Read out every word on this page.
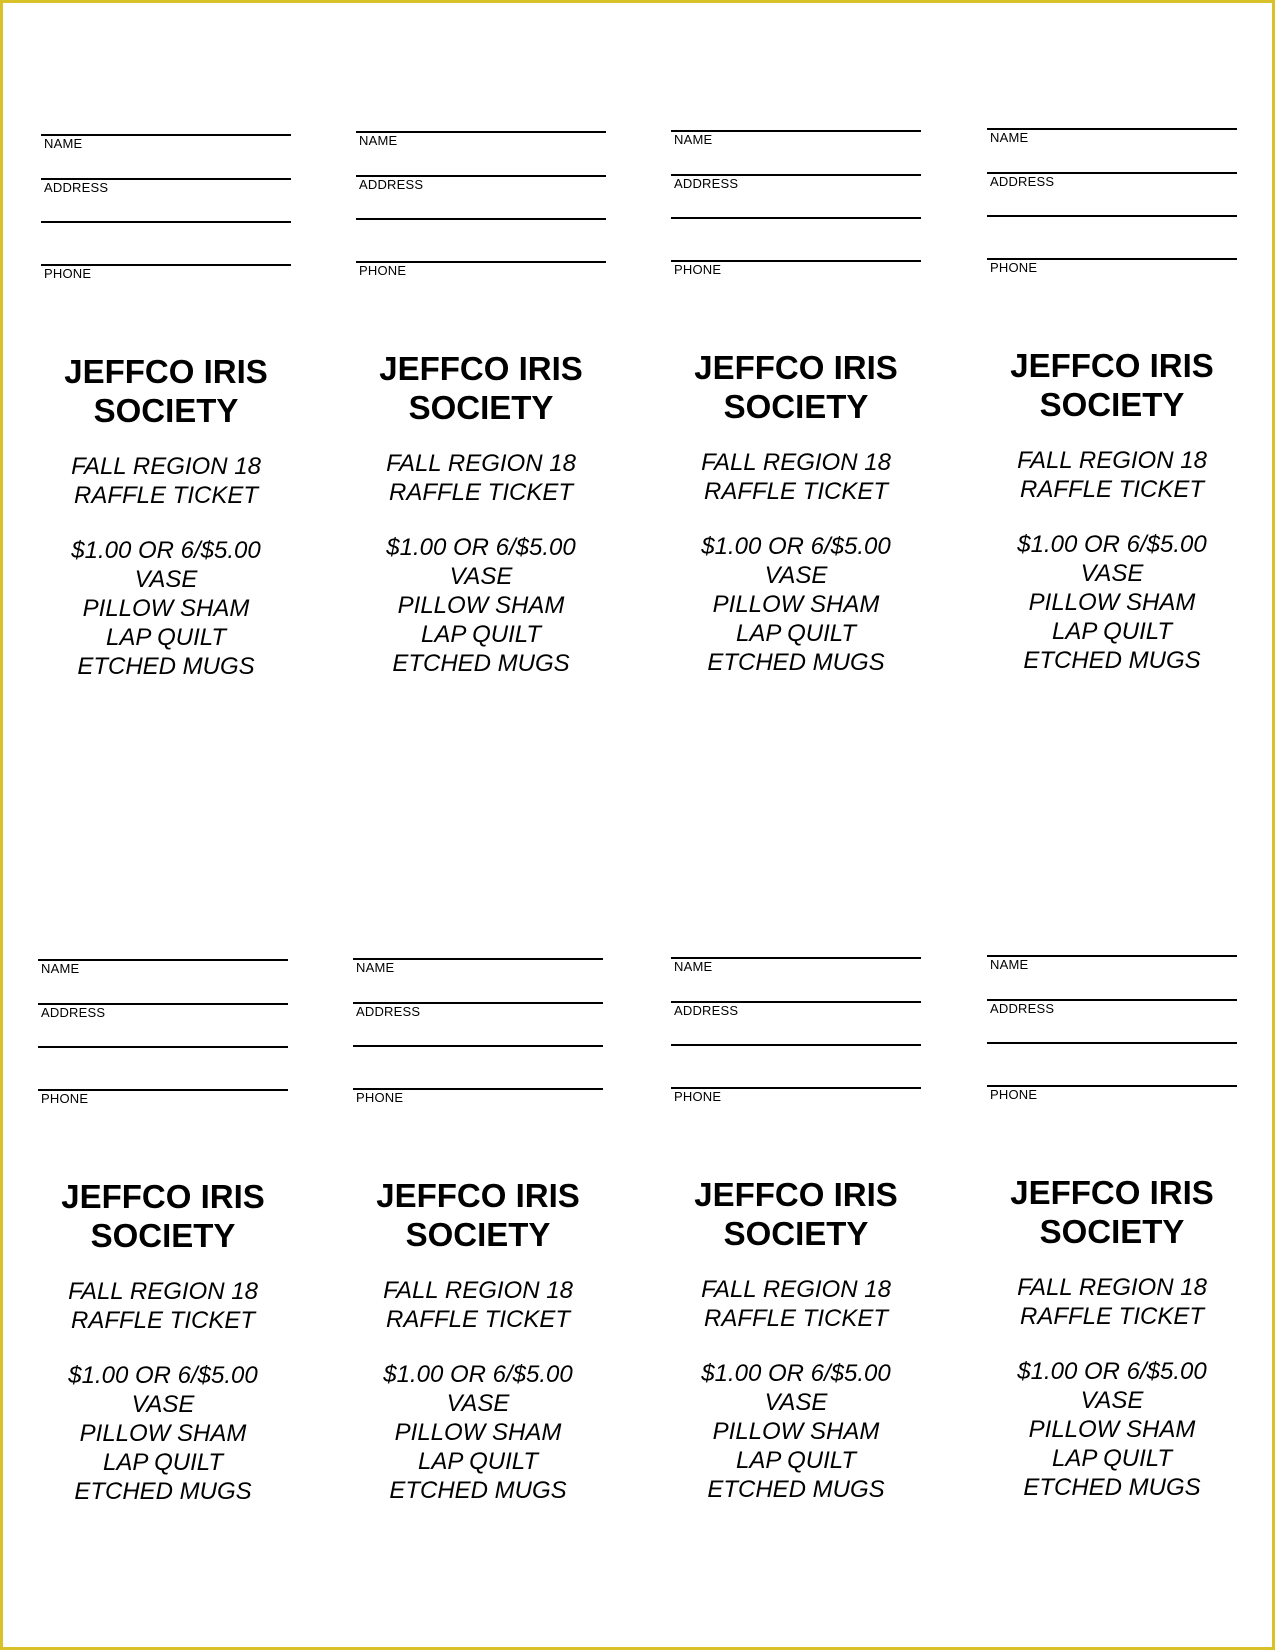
NAME
ADDRESS
PHONE
JEFFCO IRIS
SOCIETY
FALL REGION 18
RAFFLE TICKET
$1.00 OR 6/$5.00
VASE
PILLOW SHAM
LAP QUILT
ETCHED MUGS
NAME
ADDRESS
PHONE
JEFFCO IRIS
SOCIETY
FALL REGION 18
RAFFLE TICKET
$1.00 OR 6/$5.00
VASE
PILLOW SHAM
LAP QUILT
ETCHED MUGS
NAME
ADDRESS
PHONE
JEFFCO IRIS
SOCIETY
FALL REGION 18
RAFFLE TICKET
$1.00 OR 6/$5.00
VASE
PILLOW SHAM
LAP QUILT
ETCHED MUGS
NAME
ADDRESS
PHONE
JEFFCO IRIS
SOCIETY
FALL REGION 18
RAFFLE TICKET
$1.00 OR 6/$5.00
VASE
PILLOW SHAM
LAP QUILT
ETCHED MUGS
NAME
ADDRESS
PHONE
JEFFCO IRIS
SOCIETY
FALL REGION 18
RAFFLE TICKET
$1.00 OR 6/$5.00
VASE
PILLOW SHAM
LAP QUILT
ETCHED MUGS
NAME
ADDRESS
PHONE
JEFFCO IRIS
SOCIETY
FALL REGION 18
RAFFLE TICKET
$1.00 OR 6/$5.00
VASE
PILLOW SHAM
LAP QUILT
ETCHED MUGS
NAME
ADDRESS
PHONE
JEFFCO IRIS
SOCIETY
FALL REGION 18
RAFFLE TICKET
$1.00 OR 6/$5.00
VASE
PILLOW SHAM
LAP QUILT
ETCHED MUGS
NAME
ADDRESS
PHONE
JEFFCO IRIS
SOCIETY
FALL REGION 18
RAFFLE TICKET
$1.00 OR 6/$5.00
VASE
PILLOW SHAM
LAP QUILT
ETCHED MUGS
